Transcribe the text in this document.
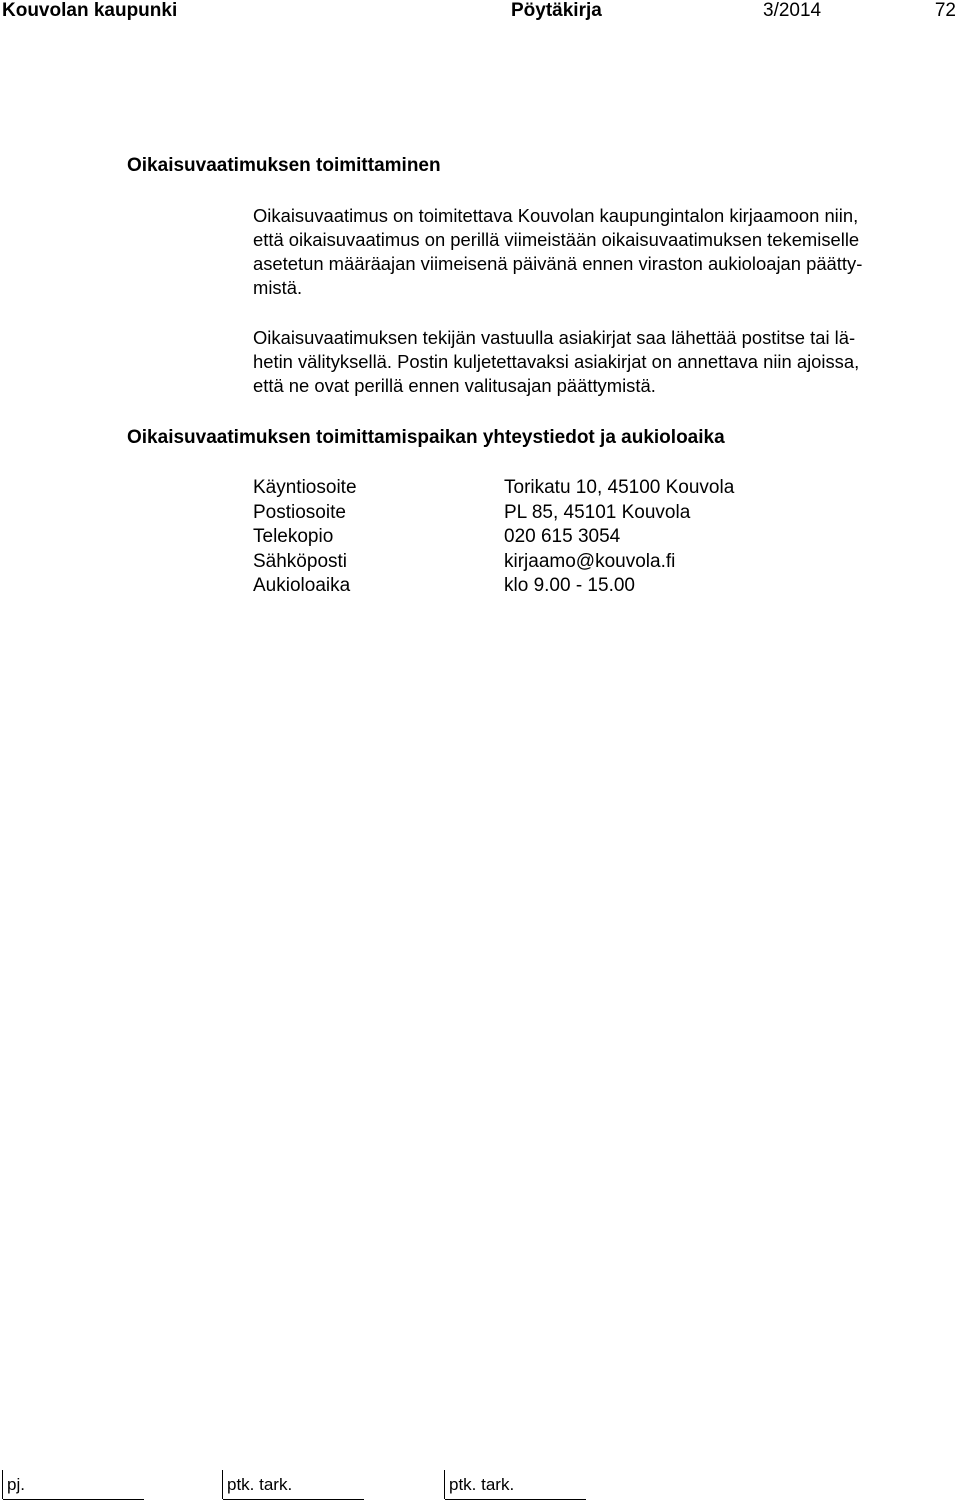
Kouvolan kaupunki	Pöytäkirja	3/2014	72
Oikaisuvaatimuksen toimittaminen
Oikaisuvaatimus on toimitettava Kouvolan kaupungintalon kirjaamoon niin,
että oikaisuvaatimus on perillä viimeistään oikaisuvaatimuksen tekemiselle
asetetun määräajan viimeisenä päivänä ennen viraston aukioloajan päätty-
mistä.
Oikaisuvaatimuksen tekijän vastuulla asiakirjat saa lähettää postitse tai lä-
hetin välityksellä. Postin kuljetettavaksi asiakirjat on annettava niin ajoissa,
että ne ovat perillä ennen valitusajan päättymistä.
Oikaisuvaatimuksen toimittamispaikan yhteystiedot ja aukioloaika
Käyntiosoite	Torikatu 10, 45100 Kouvola
Postiosoite	PL 85, 45101 Kouvola
Telekopio	020 615 3054
Sähköposti	kirjaamo@kouvola.fi
Aukioloaika	klo 9.00 - 15.00
pj.	ptk. tark.	ptk. tark.
